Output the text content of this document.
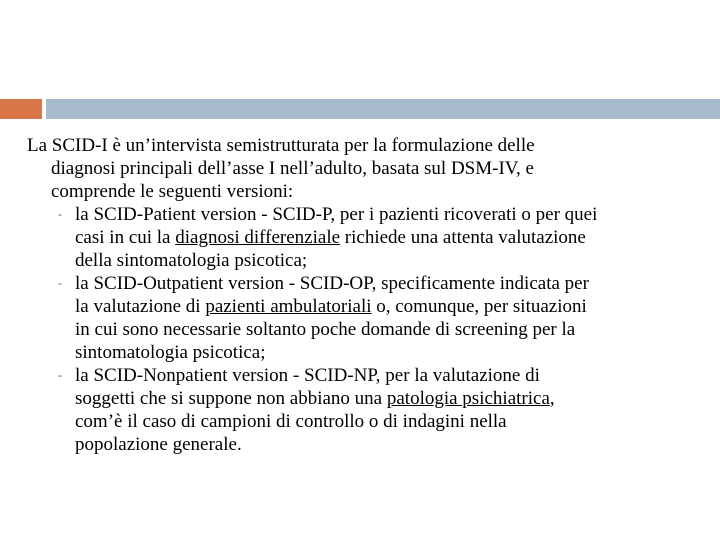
La SCID-I è un’intervista semistrutturata per la formulazione delle
diagnosi principali dell’asse I nell’adulto, basata sul DSM-IV, e
comprende le seguenti versioni:
- la SCID-Patient version - SCID-P, per i pazienti ricoverati o per quei
casi in cui la diagnosi differenziale richiede una attenta valutazione
della sintomatologia psicotica;
- la SCID-Outpatient version - SCID-OP, specificamente indicata per
la valutazione di pazienti ambulatoriali o, comunque, per situazioni
in cui sono necessarie soltanto poche domande di screening per la
sintomatologia psicotica;
- la SCID-Nonpatient version - SCID-NP, per la valutazione di
soggetti che si suppone non abbiano una patologia psichiatrica,
com’è il caso di campioni di controllo o di indagini nella
popolazione generale.
